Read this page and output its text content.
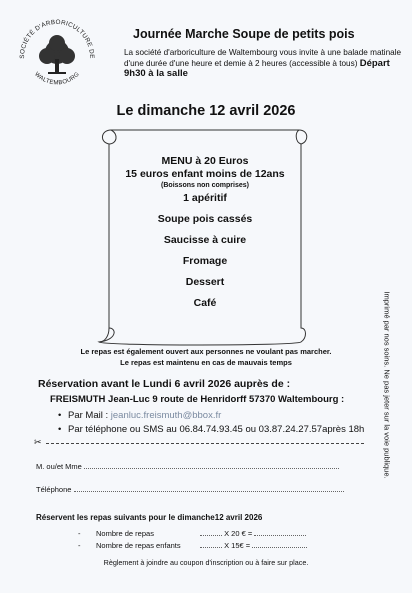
SOCIÉTÉ D'ARBORICULTURE DE
WALTEMBOURG
Journée Marche Soupe de petits pois
La société d'arboriculture de Waltembourg vous invite à une balade matinale d'une durée d'une heure et demie à 2 heures (accessible à tous) Départ 9h30 à la salle
Le dimanche 12 avril 2026
MENU à 20 Euros
15 euros enfant moins de 12ans
(Boissons non comprises)
1 apéritif
Soupe pois cassés
Saucisse à cuire
Fromage
Dessert
Café
Le repas est également ouvert aux personnes ne voulant pas marcher.
Le repas est maintenu en cas de mauvais temps
Réservation avant le Lundi 6 avril 2026 auprès de :
FREISMUTH Jean-Luc 9 route de Henridorff 57370 Waltembourg :
• Par Mail : jeanluc.freismuth@bbox.fr
• Par téléphone ou SMS au 06.84.74.93.45 ou 03.87.24.27.57après 18h Imprimé par nos soins. Ne pas jeter sur la voie publique.
✂
M. ou/et Mme
Téléphone
Réservent les repas suivants pour le dimanche12 avril 2026
- Nombre de repas	X 20 € =
- Nombre de repas enfants	X 15€ =
Règlement à joindre au coupon d'inscription ou à faire sur place.
